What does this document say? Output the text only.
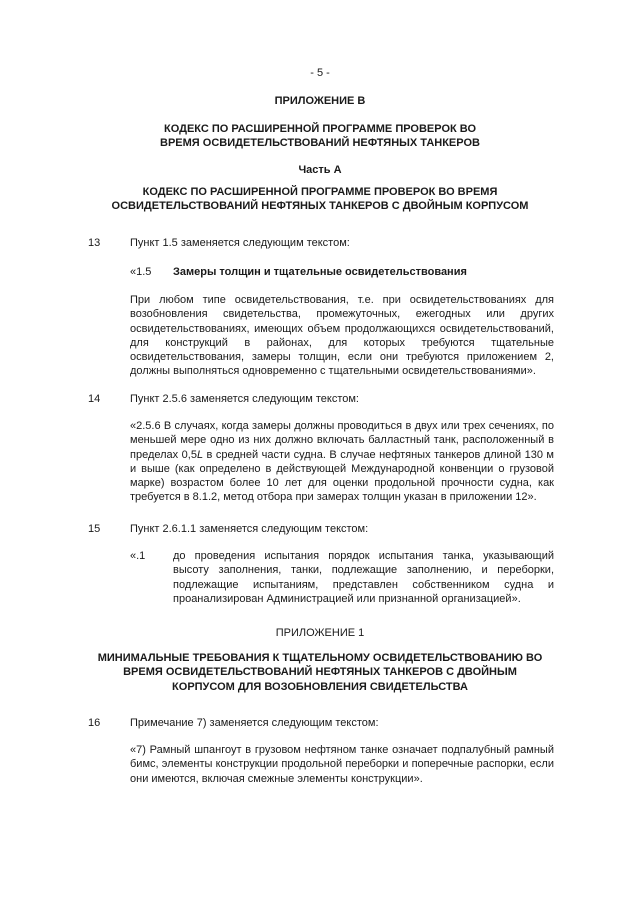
- 5 -
ПРИЛОЖЕНИЕ B
КОДЕКС ПО РАСШИРЕННОЙ ПРОГРАММЕ ПРОВЕРОК ВО ВРЕМЯ ОСВИДЕТЕЛЬСТВОВАНИЙ НЕФТЯНЫХ ТАНКЕРОВ
Часть А
КОДЕКС ПО РАСШИРЕННОЙ ПРОГРАММЕ ПРОВЕРОК ВО ВРЕМЯ ОСВИДЕТЕЛЬСТВОВАНИЙ НЕФТЯНЫХ ТАНКЕРОВ С ДВОЙНЫМ КОРПУСОМ
13	Пункт 1.5 заменяется следующим текстом:
«1.5 Замеры толщин и тщательные освидетельствования
При любом типе освидетельствования, т.е. при освидетельствованиях для возобновления свидетельства, промежуточных, ежегодных или других освидетельствованиях, имеющих объем продолжающихся освидетельствований, для конструкций в районах, для которых требуются тщательные освидетельствования, замеры толщин, если они требуются приложением 2, должны выполняться одновременно с тщательными освидетельствованиями».
14	Пункт 2.5.6 заменяется следующим текстом:
«2.5.6 В случаях, когда замеры должны проводиться в двух или трех сечениях, по меньшей мере одно из них должно включать балластный танк, расположенный в пределах 0,5L в средней части судна. В случае нефтяных танкеров длиной 130 м и выше (как определено в действующей Международной конвенции о грузовой марке) возрастом более 10 лет для оценки продольной прочности судна, как требуется в 8.1.2, метод отбора при замерах толщин указан в приложении 12».
15	Пункт 2.6.1.1 заменяется следующим текстом:
«.1	до проведения испытания порядок испытания танка, указывающий высоту заполнения, танки, подлежащие заполнению, и переборки, подлежащие испытаниям, представлен собственником судна и проанализирован Администрацией или признанной организацией».
ПРИЛОЖЕНИЕ 1
МИНИМАЛЬНЫЕ ТРЕБОВАНИЯ К ТЩАТЕЛЬНОМУ ОСВИДЕТЕЛЬСТВОВАНИЮ ВО ВРЕМЯ ОСВИДЕТЕЛЬСТВОВАНИЙ НЕФТЯНЫХ ТАНКЕРОВ С ДВОЙНЫМ КОРПУСОМ ДЛЯ ВОЗОБНОВЛЕНИЯ СВИДЕТЕЛЬСТВА
16	Примечание 7) заменяется следующим текстом:
«7) Рамный шпангоут в грузовом нефтяном танке означает подпалубный рамный бимс, элементы конструкции продольной переборки и поперечные распорки, если они имеются, включая смежные элементы конструкции».
